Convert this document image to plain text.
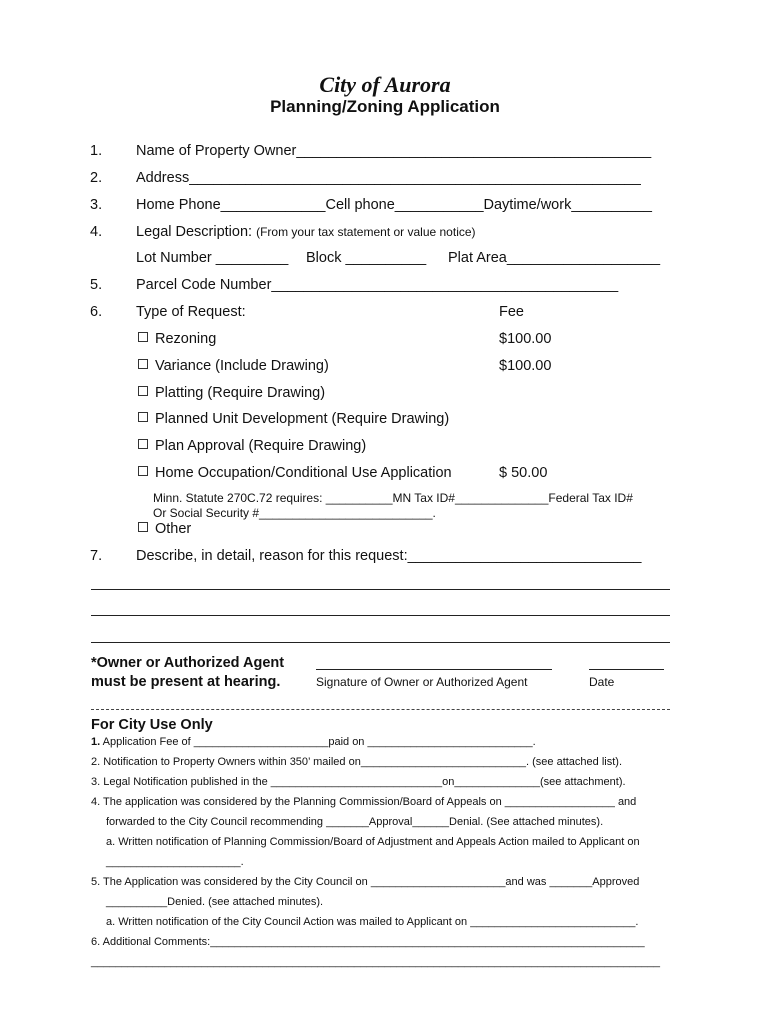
City of Aurora
Planning/Zoning Application
1. Name of Property Owner____________________________________________
2. Address________________________________________________________
3. Home Phone_____________Cell phone___________Daytime/work__________
4. Legal Description: (From your tax statement or value notice)
Lot Number _________ Block __________ Plat Area___________________
5. Parcel Code Number___________________________________________
6. Type of Request:	Fee
Rezoning	$100.00
Variance (Include Drawing)	$100.00
Platting (Require Drawing)
Planned Unit Development (Require Drawing)
Plan Approval (Require Drawing)
Home Occupation/Conditional Use Application	$ 50.00
Minn. Statute 270C.72 requires: __________MN Tax ID#______________Federal Tax ID#
Or Social Security #__________________________.
Other
7. Describe, in detail, reason for this request:_____________________________
*Owner or Authorized Agent
must be present at hearing.	Signature of Owner or Authorized Agent	Date
For City Use Only
1. Application Fee of ______________________paid on ___________________________.
2. Notification to Property Owners within 350’ mailed on___________________________. (see attached list).
3. Legal Notification published in the ____________________________on______________(see attachment).
4. The application was considered by the Planning Commission/Board of Appeals on __________________ and
forwarded to the City Council recommending _______Approval______Denial. (See attached minutes).
a. Written notification of Planning Commission/Board of Adjustment and Appeals Action mailed to Applicant on
______________________.
5. The Application was considered by the City Council on ______________________and was _______Approved
__________Denied. (see attached minutes).
a. Written notification of the City Council Action was mailed to Applicant on ___________________________.
6. Additional Comments:_______________________________________________________________________
_____________________________________________________________________________________________
